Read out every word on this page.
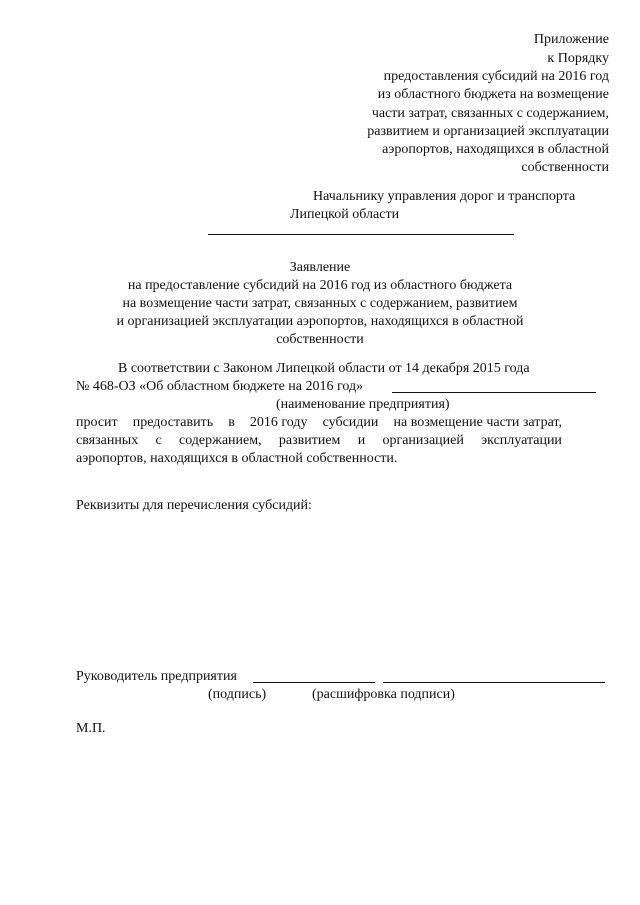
Приложение
к Порядку
предоставления субсидий на 2016 год
из областного бюджета на возмещение
части затрат, связанных с содержанием,
развитием и организацией эксплуатации
аэропортов, находящихся в областной
собственности
Начальнику управления дорог и транспорта
Липецкой области
Заявление
на предоставление субсидий на 2016 год из областного бюджета
на возмещение части затрат, связанных с содержанием, развитием
и организацией эксплуатации аэропортов, находящихся в областной
собственности
В соответствии с Законом Липецкой области от 14 декабря 2015 года
№ 468-ОЗ «Об областном бюджете на 2016 год»
(наименование предприятия)
просит предоставить в 2016 году субсидии на возмещение части затрат,
связанных с содержанием, развитием и организацией эксплуатации
аэропортов, находящихся в областной собственности.
Реквизиты для перечисления субсидий:
Руководитель предприятия
(подпись)	(расшифровка подписи)
М.П.
